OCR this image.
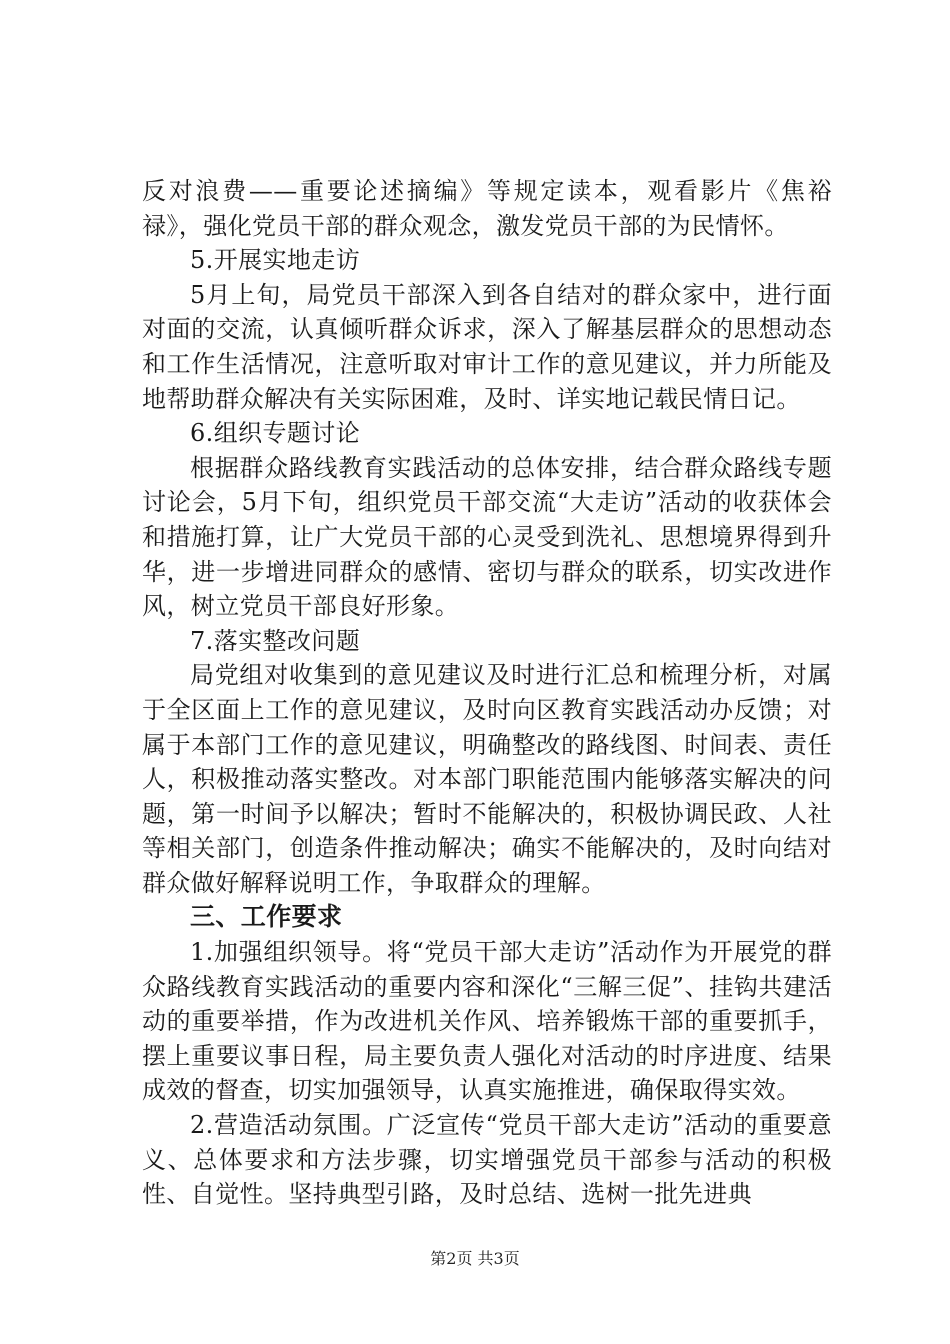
反对浪费——重要论述摘编》等规定读本，观看影片《焦裕禄》，强化党员干部的群众观念，激发党员干部的为民情怀。

5.开展实地走访

5月上旬，局党员干部深入到各自结对的群众家中，进行面对面的交流，认真倾听群众诉求，深入了解基层群众的思想动态和工作生活情况，注意听取对审计工作的意见建议，并力所能及地帮助群众解决有关实际困难，及时、详实地记载民情日记。

6.组织专题讨论

根据群众路线教育实践活动的总体安排，结合群众路线专题讨论会，5月下旬，组织党员干部交流“大走访”活动的收获体会和措施打算，让广大党员干部的心灵受到洗礼、思想境界得到升华，进一步增进同群众的感情、密切与群众的联系，切实改进作风，树立党员干部良好形象。

7.落实整改问题

局党组对收集到的意见建议及时进行汇总和梳理分析，对属于全区面上工作的意见建议，及时向区教育实践活动办反馈；对属于本部门工作的意见建议，明确整改的路线图、时间表、责任人，积极推动落实整改。对本部门职能范围内能够落实解决的问题，第一时间予以解决；暂时不能解决的，积极协调民政、人社等相关部门，创造条件推动解决；确实不能解决的，及时向结对群众做好解释说明工作，争取群众的理解。

三、工作要求

1.加强组织领导。将“党员干部大走访”活动作为开展党的群众路线教育实践活动的重要内容和深化“三解三促”、挂钩共建活动的重要举措，作为改进机关作风、培养锻炼干部的重要抓手，摆上重要议事日程，局主要负责人强化对活动的时序进度、结果成效的督查，切实加强领导，认真实施推进，确保取得实效。

2.营造活动氛围。广泛宣传“党员干部大走访”活动的重要意义、总体要求和方法步骤，切实增强党员干部参与活动的积极性、自觉性。坚持典型引路，及时总结、选树一批先进典

第2页 共3页
